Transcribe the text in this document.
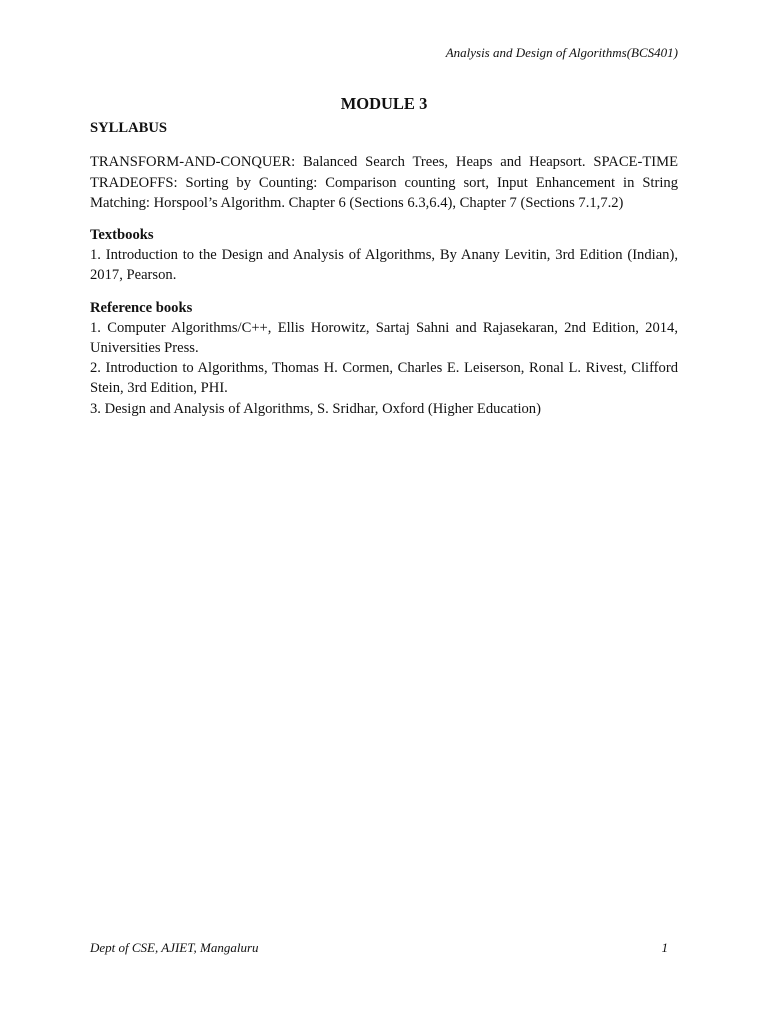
Analysis and Design of Algorithms(BCS401)
MODULE 3
SYLLABUS

TRANSFORM-AND-CONQUER: Balanced Search Trees, Heaps and Heapsort. SPACE-TIME TRADEOFFS: Sorting by Counting: Comparison counting sort, Input Enhancement in String Matching: Horspool’s Algorithm. Chapter 6 (Sections 6.3,6.4), Chapter 7 (Sections 7.1,7.2)

Textbooks

1. Introduction to the Design and Analysis of Algorithms, By Anany Levitin, 3rd Edition (Indian), 2017, Pearson.

Reference books

1. Computer Algorithms/C++, Ellis Horowitz, Sartaj Sahni and Rajasekaran, 2nd Edition, 2014, Universities Press.

2. Introduction to Algorithms, Thomas H. Cormen, Charles E. Leiserson, Ronal L. Rivest, Clifford Stein, 3rd Edition, PHI.

3. Design and Analysis of Algorithms, S. Sridhar, Oxford (Higher Education)

Dept of CSE, AJIET, Mangaluru	1
